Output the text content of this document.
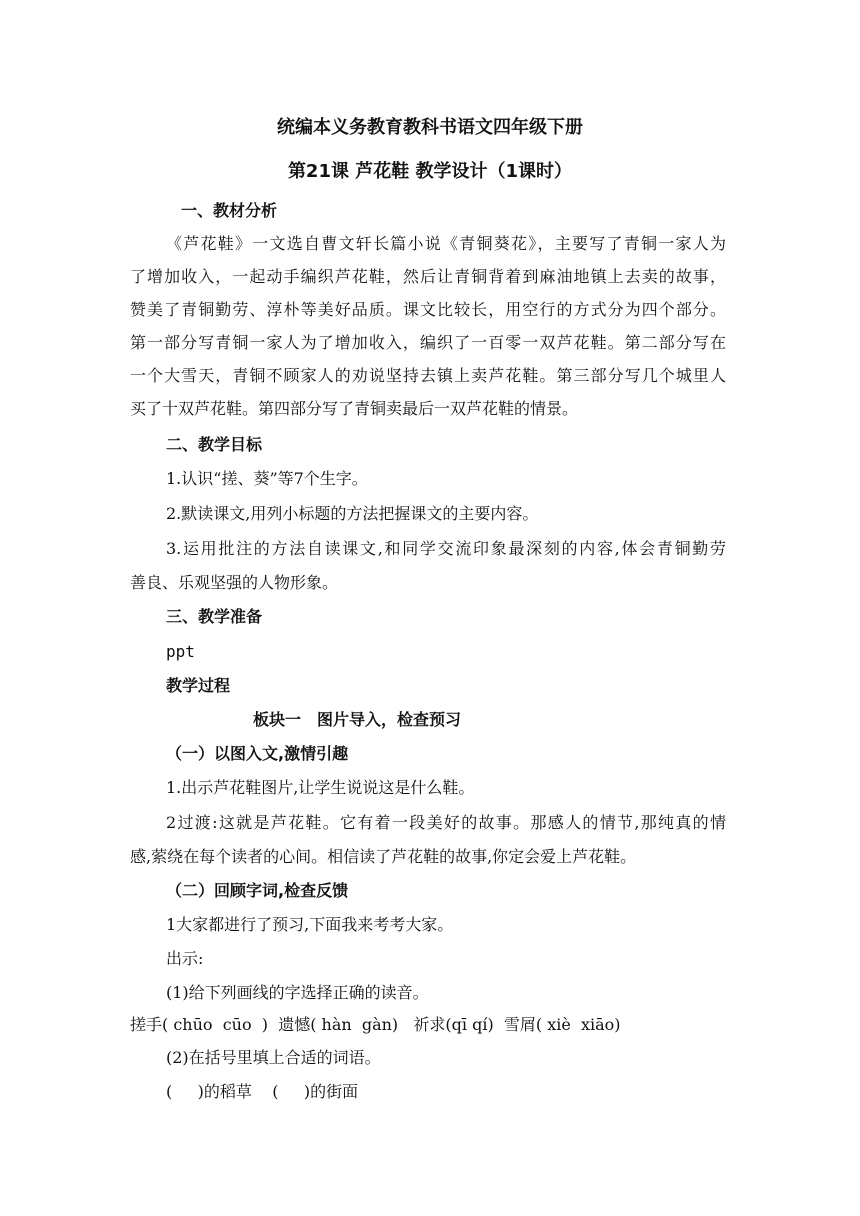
统编本义务教育教科书语文四年级下册
第21课 芦花鞋 教学设计（1课时）
一、教材分析
《芦花鞋》一文选自曹文轩长篇小说《青铜葵花》，主要写了青铜一家人为
了增加收入，一起动手编织芦花鞋，然后让青铜背着到麻油地镇上去卖的故事，
赞美了青铜勤劳、淳朴等美好品质。课文比较长，用空行的方式分为四个部分。
第一部分写青铜一家人为了增加收入，编织了一百零一双芦花鞋。第二部分写在
一个大雪天，青铜不顾家人的劝说坚持去镇上卖芦花鞋。第三部分写几个城里人
买了十双芦花鞋。第四部分写了青铜卖最后一双芦花鞋的情景。
二、教学目标
1.认识“搓、葵”等7个生字。
2.默读课文,用列小标题的方法把握课文的主要内容。
3.运用批注的方法自读课文,和同学交流印象最深刻的内容,体会青铜勤劳
善良、乐观坚强的人物形象。
三、教学准备
ppt
教学过程
板块一　图片导入，检查预习
（一）以图入文,激情引趣
1.出示芦花鞋图片,让学生说说这是什么鞋。
2过渡:这就是芦花鞋。它有着一段美好的故事。那感人的情节,那纯真的情
感,萦绕在每个读者的心间。相信读了芦花鞋的故事,你定会爱上芦花鞋。
（二）回顾字词,检查反馈
1大家都进行了预习,下面我来考考大家。
出示:
(1)给下列画线的字选择正确的读音。
搓手( chūo  cūo  )  遗憾( hàn  gàn)   祈求(qī qí)  雪屑( xiè  xiāo)
(2)在括号里填上合适的词语。
(     )的稻草    (     )的街面
